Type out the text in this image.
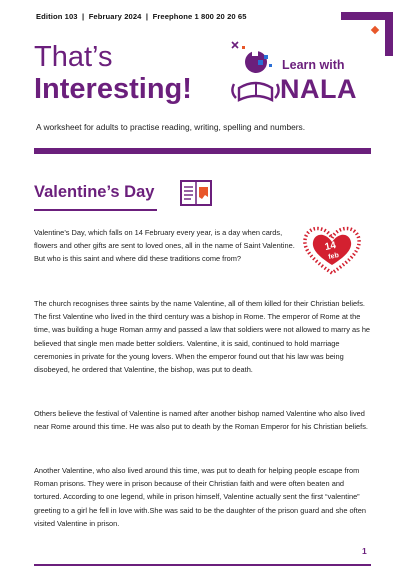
Edition 103  |  February 2024  |  Freephone 1 800 20 20 65
That’s
Interesting!
Learn with
NALA
A worksheet for adults to practise reading, writing, spelling and numbers.
Valentine’s Day
14
feb

Valentine’s Day, which falls on 14 February every year, is a day when cards, flowers and other gifts are sent to loved ones, all in the name of Saint Valentine. But who is this saint and where did these traditions come from?

The church recognises three saints by the name Valentine, all of them killed for their Christian beliefs. The first Valentine who lived in the third century was a bishop in Rome. The emperor of Rome at the time, was building a huge Roman army and passed a law that soldiers were not allowed to marry as he believed that single men made better soldiers. Valentine, it is said, continued to hold marriage ceremonies in private for the young lovers. When the emperor found out that his law was being disobeyed, he ordered that Valentine, the bishop, was put to death.

Others believe the festival of Valentine is named after another bishop named Valentine who also lived near Rome around this time. He was also put to death by the Roman Emperor for his Christian beliefs.

Another Valentine, who also lived around this time, was put to death for helping people escape from Roman prisons. They were in prison because of their Christian faith and were often beaten and tortured. According to one legend, while in prison himself, Valentine actually sent the first “valentine” greeting to a girl he fell in love with.She was said to be the daughter of the prison guard and she often visited Valentine in prison.

1
